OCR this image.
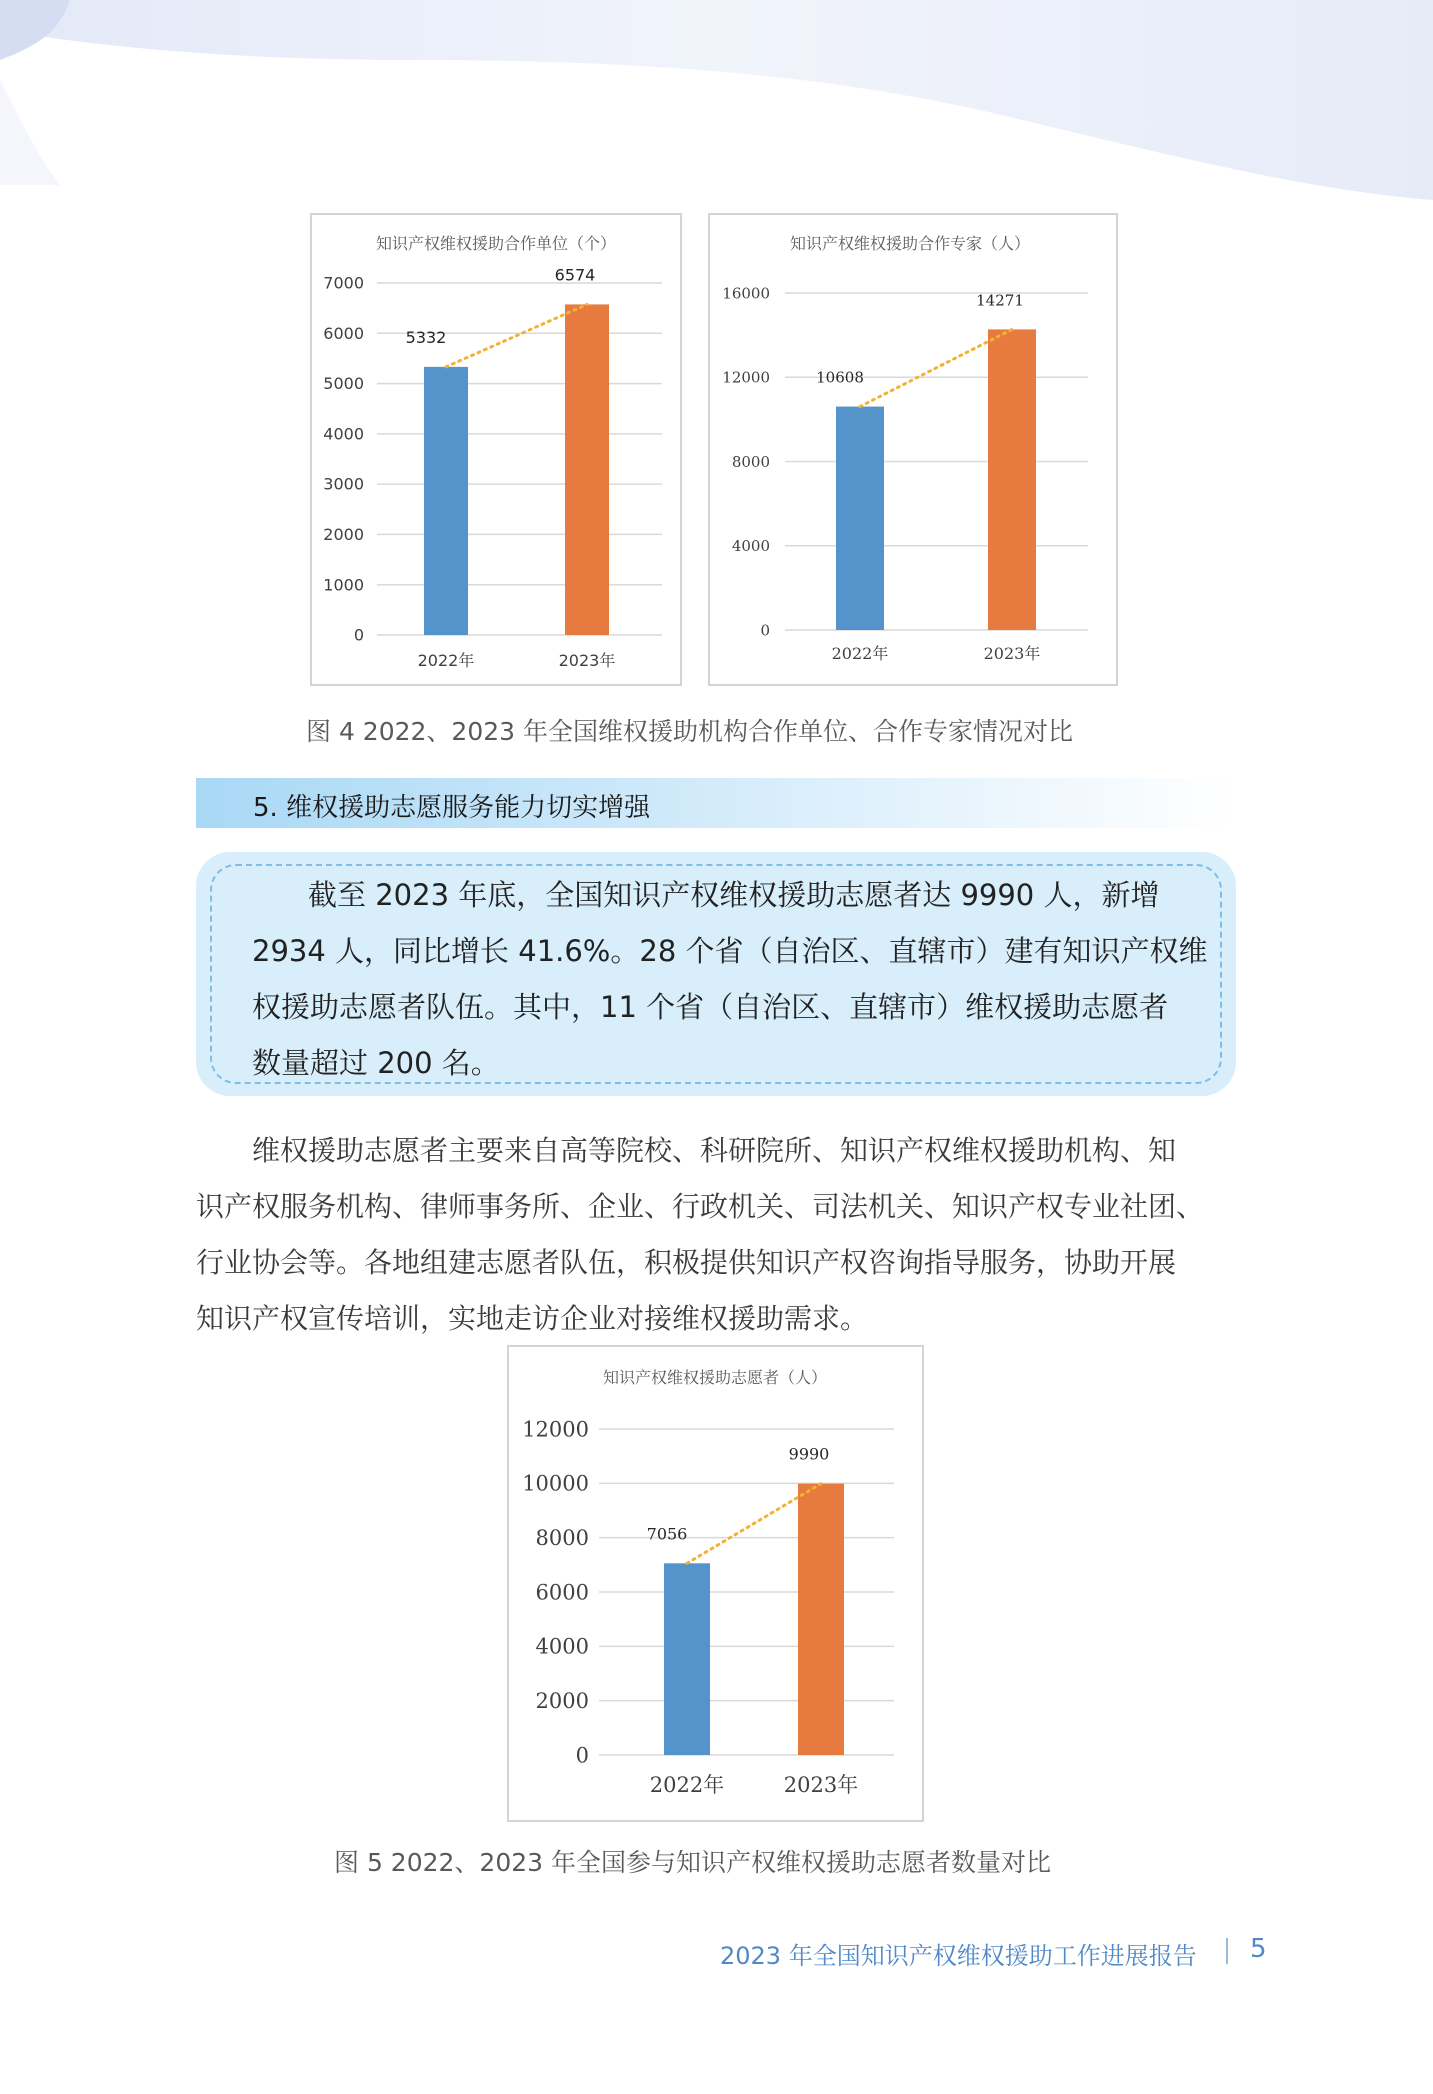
知识产权维权援助合作单位（个）
0
1000
2000
3000
4000
5000
6000
7000
2022年	2023年
5332
6574
知识产权维权援助合作专家（人）
0
4000
8000
12000
16000
2022年	2023年
10608
14271
图 4 2022、2023 年全国维权援助机构合作单位、合作专家情况对比
5. 维权援助志愿服务能力切实增强
截至 2023 年底，全国知识产权维权援助志愿者达 9990 人，新增
2934 人，同比增长 41.6%。28 个省（自治区、直辖市）建有知识产权维
权援助志愿者队伍。其中，11 个省（自治区、直辖市）维权援助志愿者
数量超过 200 名。
维权援助志愿者主要来自高等院校、科研院所、知识产权维权援助机构、知
识产权服务机构、律师事务所、企业、行政机关、司法机关、知识产权专业社团、
行业协会等。各地组建志愿者队伍，积极提供知识产权咨询指导服务，协助开展
知识产权宣传培训，实地走访企业对接维权援助需求。
知识产权维权援助志愿者（人）
0
2000
4000
6000
8000
10000
12000
2022年	2023年
7056
9990
图 5 2022、2023 年全国参与知识产权维权援助志愿者数量对比
2023 年全国知识产权维权援助工作进展报告 5
